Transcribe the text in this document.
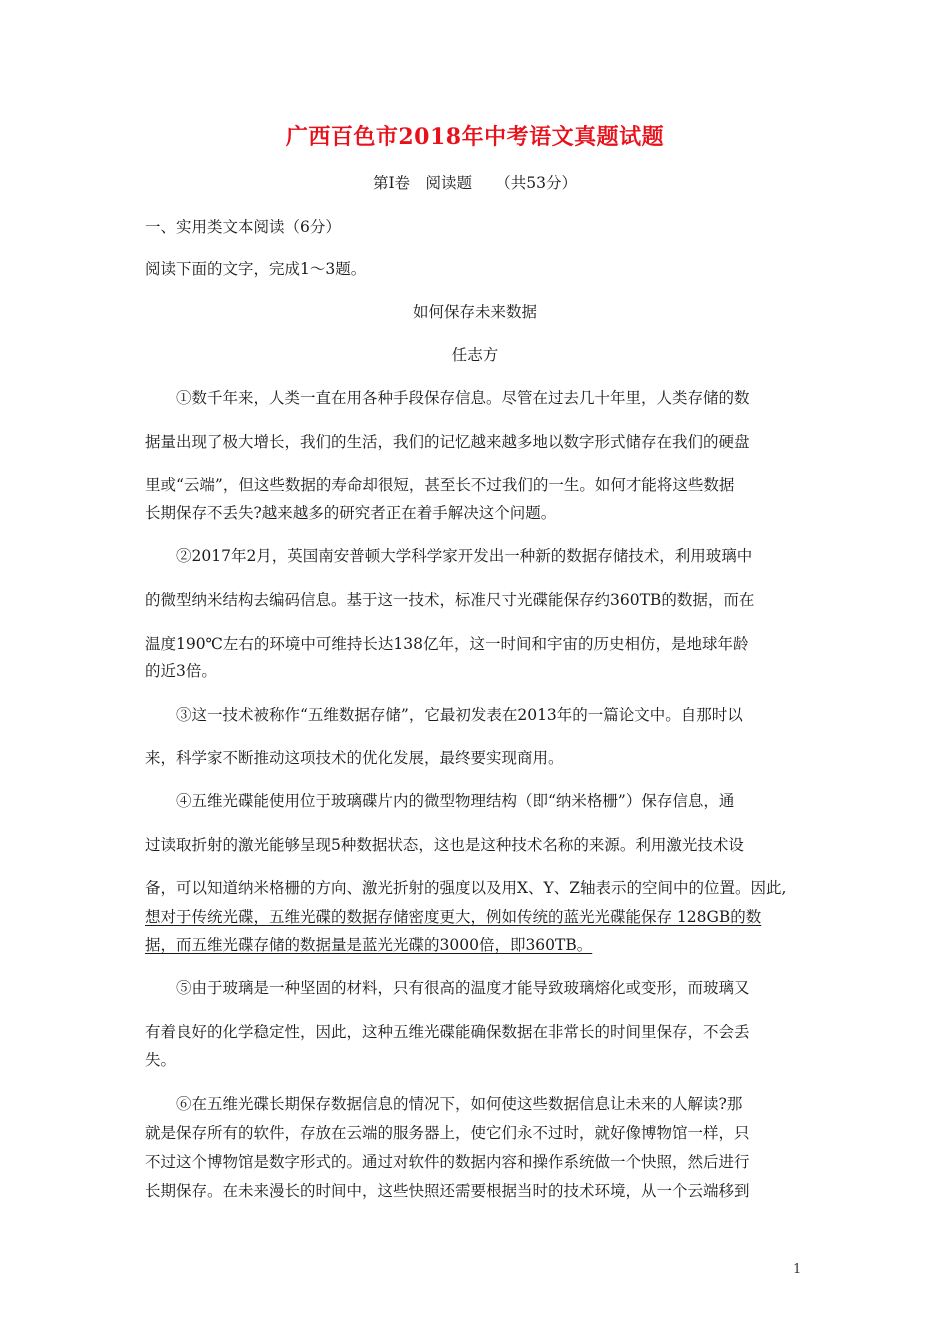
广西百色市2018年中考语文真题试题
第Ⅰ卷　阅读题　　（共53分）
一、实用类文本阅读（6分）
阅读下面的文字，完成1～3题。
如何保存未来数据
任志方
①数千年来，人类一直在用各种手段保存信息。尽管在过去几十年里，人类存储的数
据量出现了极大增长，我们的生活，我们的记忆越来越多地以数字形式储存在我们的硬盘
里或“云端”，但这些数据的寿命却很短，甚至长不过我们的一生。如何才能将这些数据
长期保存不丢失?越来越多的研究者正在着手解决这个问题。
②2017年2月，英国南安普顿大学科学家开发出一种新的数据存储技术，利用玻璃中
的微型纳米结构去编码信息。基于这一技术，标准尺寸光碟能保存约360TB的数据，而在
温度190℃左右的环境中可维持长达138亿年，这一时间和宇宙的历史相仿，是地球年龄
的近3倍。
③这一技术被称作“五维数据存储”，它最初发表在2013年的一篇论文中。自那时以
来，科学家不断推动这项技术的优化发展，最终要实现商用。
④五维光碟能使用位于玻璃碟片内的微型物理结构（即“纳米格栅”）保存信息，通
过读取折射的激光能够呈现5种数据状态，这也是这种技术名称的来源。利用激光技术设
备，可以知道纳米格栅的方向、激光折射的强度以及用X、Y、Z轴表示的空间中的位置。因此,
想对于传统光碟，五维光碟的数据存储密度更大，例如传统的蓝光光碟能保存 128GB的数
据，而五维光碟存储的数据量是蓝光光碟的3000倍，即360TB。
⑤由于玻璃是一种坚固的材料，只有很高的温度才能导致玻璃熔化或变形，而玻璃又
有着良好的化学稳定性，因此，这种五维光碟能确保数据在非常长的时间里保存，不会丢
失。
⑥在五维光碟长期保存数据信息的情况下，如何使这些数据信息让未来的人解读?那
就是保存所有的软件，存放在云端的服务器上，使它们永不过时，就好像博物馆一样，只
不过这个博物馆是数字形式的。通过对软件的数据内容和操作系统做一个快照，然后进行
长期保存。在未来漫长的时间中，这些快照还需要根据当时的技术环境，从一个云端移到
1
